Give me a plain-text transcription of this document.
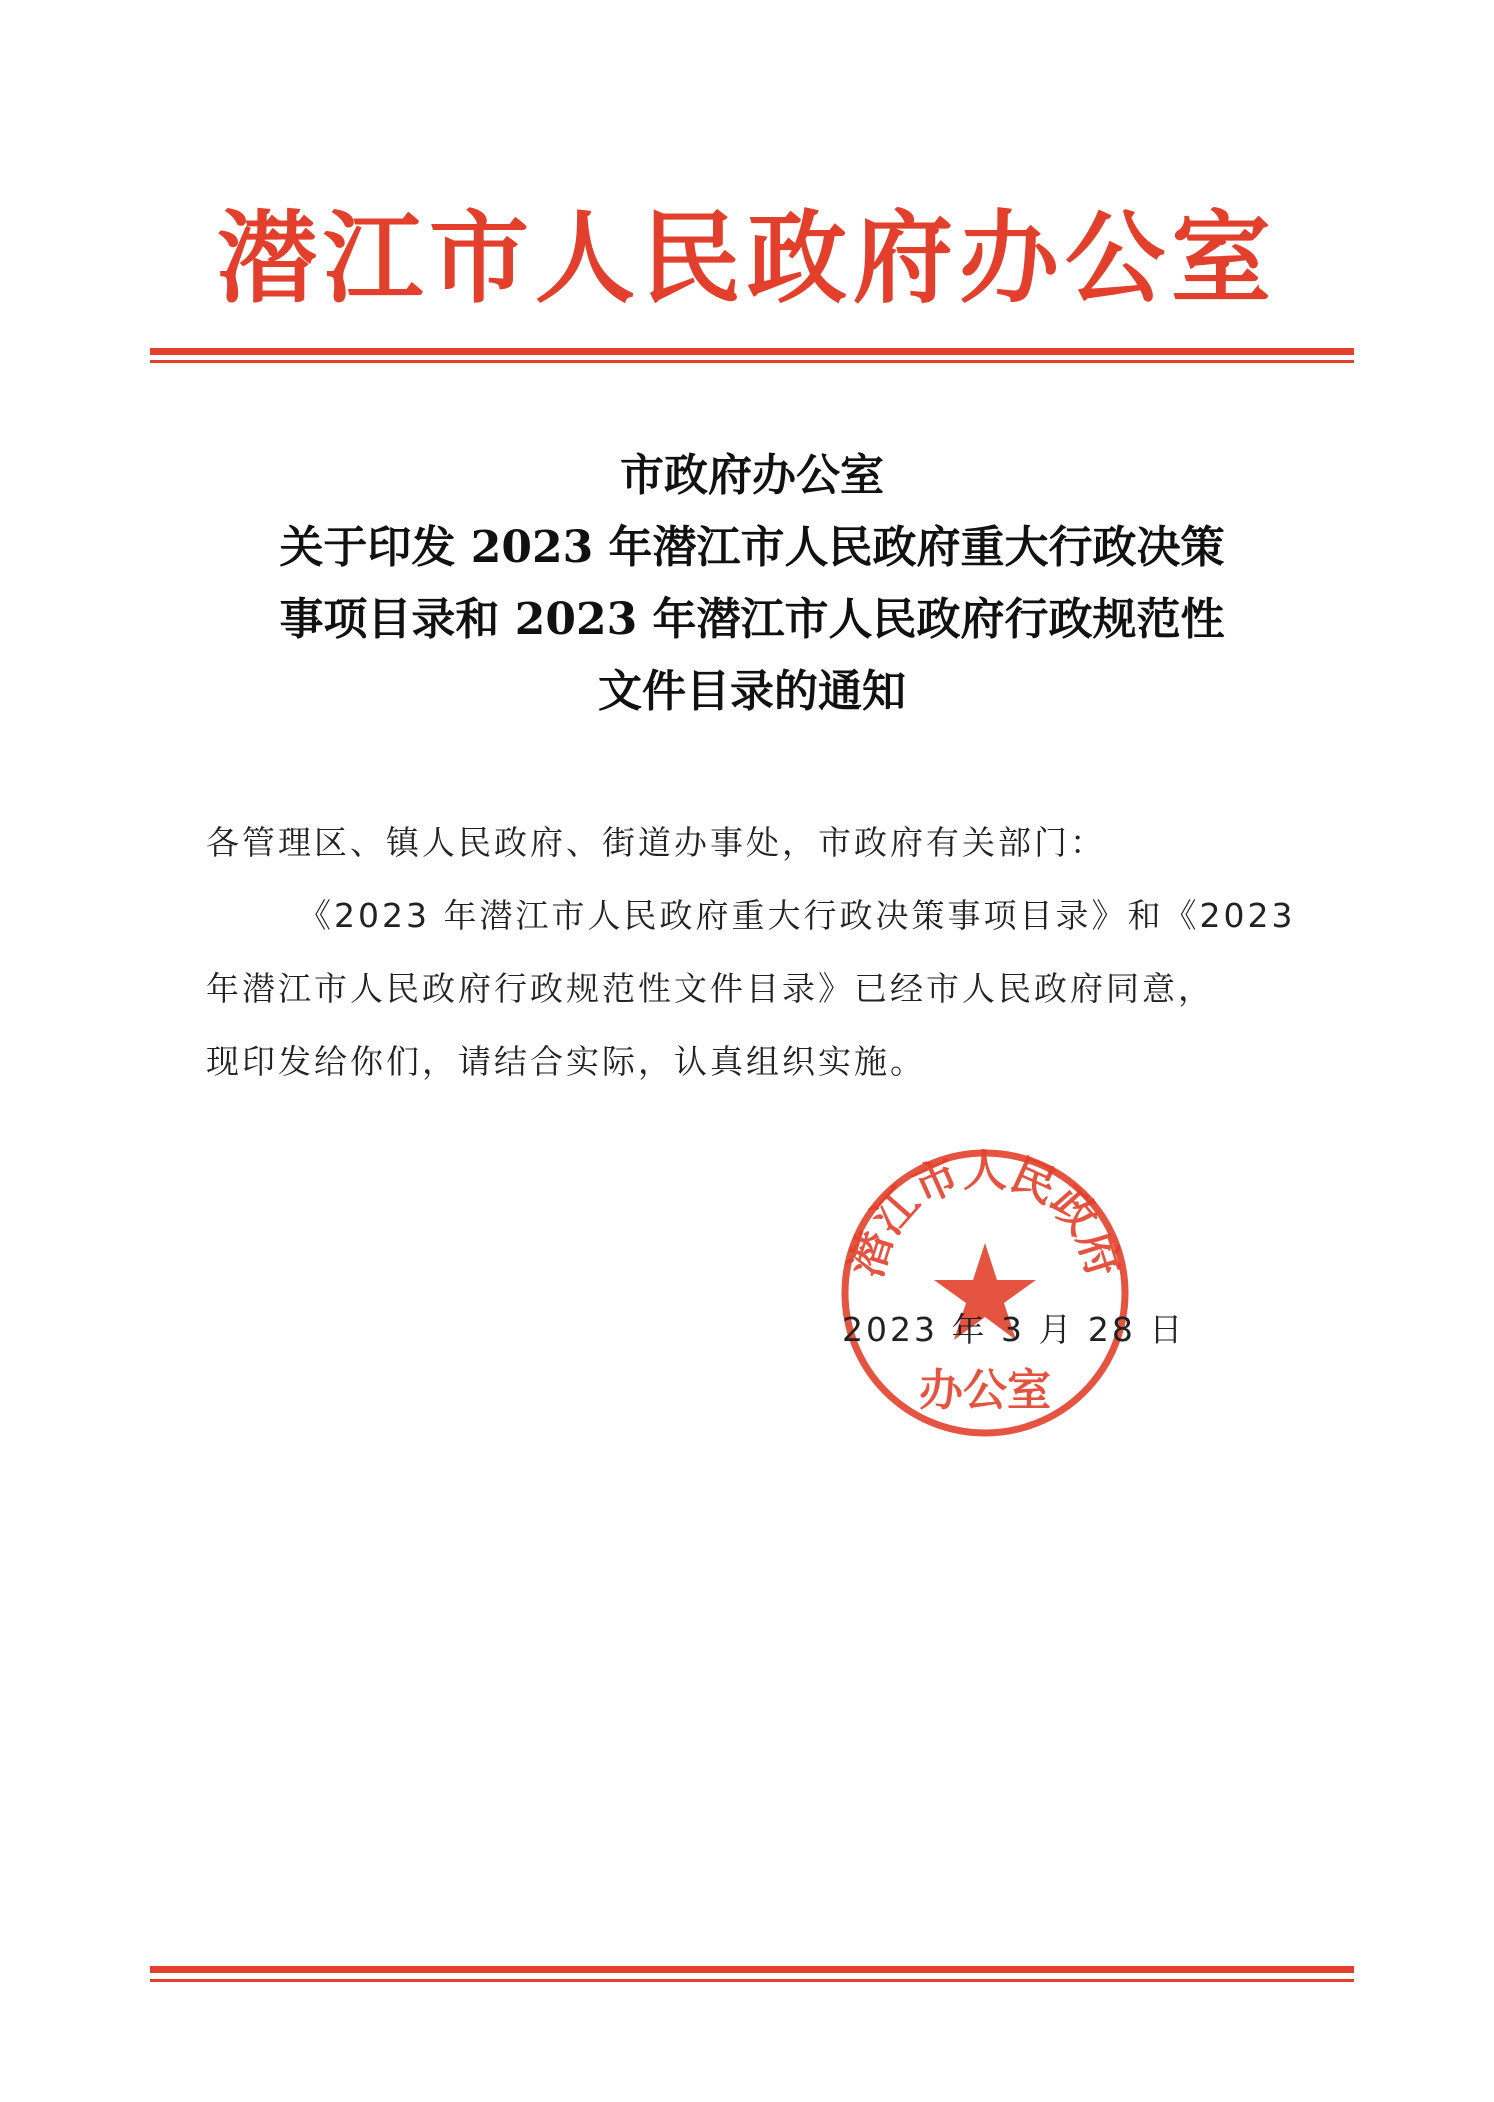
潜江市人民政府办公室
市政府办公室
关于印发 2023 年潜江市人民政府重大行政决策
事项目录和 2023 年潜江市人民政府行政规范性
文件目录的通知
各管理区、镇人民政府、街道办事处，市政府有关部门：
《2023 年潜江市人民政府重大行政决策事项目录》和《2023
年潜江市人民政府行政规范性文件目录》已经市人民政府同意，
现印发给你们，请结合实际，认真组织实施。
潜江市人民政府
办公室
2023 年 3 月 28 日
